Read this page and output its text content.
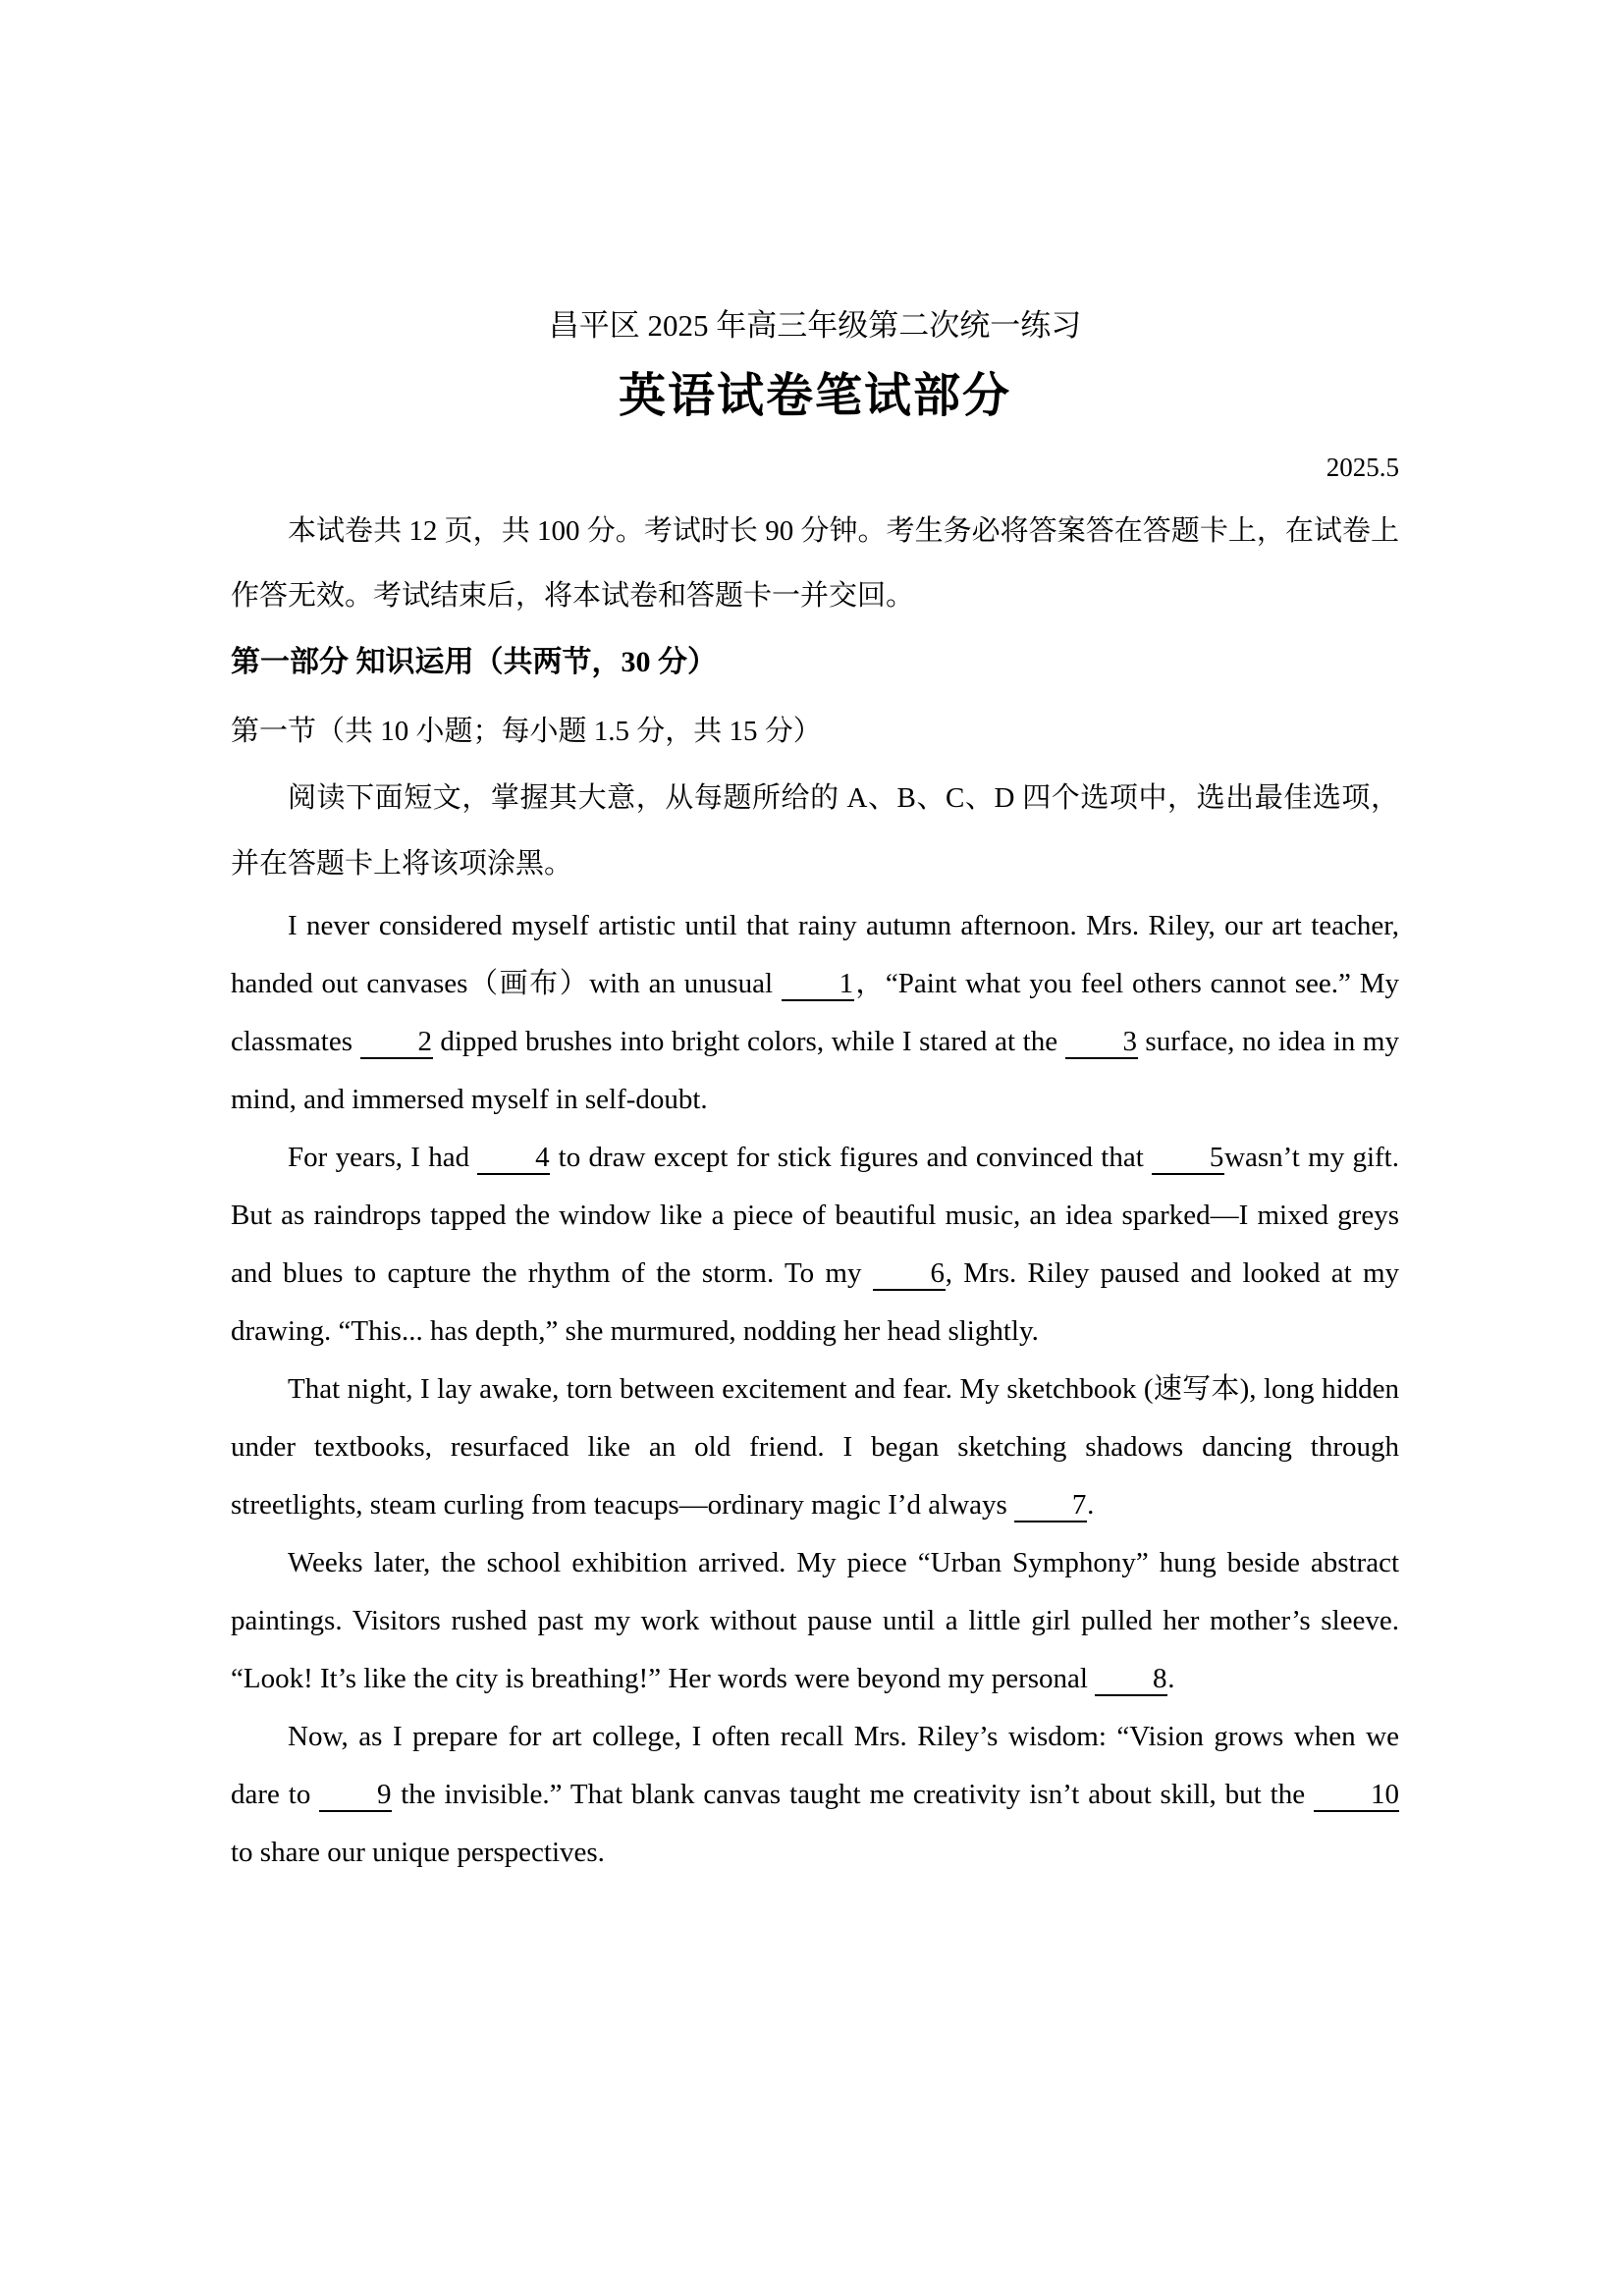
昌平区 2025 年高三年级第二次统一练习
英语试卷笔试部分
2025.5

本试卷共 12 页，共 100 分。考试时长 90 分钟。考生务必将答案答在答题卡上，在试卷上作答无效。考试结束后，将本试卷和答题卡一并交回。

第一部分 知识运用（共两节，30 分）

第一节（共 10 小题；每小题 1.5 分，共 15 分）

阅读下面短文，掌握其大意，从每题所给的 A、B、C、D 四个选项中，选出最佳选项，并在答题卡上将该项涂黑。

I never considered myself artistic until that rainy autumn afternoon. Mrs. Riley, our art teacher, handed out canvases（画布）with an unusual 1，“Paint what you feel others cannot see.” My classmates 2 dipped brushes into bright colors, while I stared at the 3 surface, no idea in my mind, and immersed myself in self-doubt.

For years, I had 4 to draw except for stick figures and convinced that 5wasn’t my gift. But as raindrops tapped the window like a piece of beautiful music, an idea sparked—I mixed greys and blues to capture the rhythm of the storm. To my 6, Mrs. Riley paused and looked at my drawing. “This... has depth,” she murmured, nodding her head slightly.

That night, I lay awake, torn between excitement and fear. My sketchbook (速写本), long hidden under textbooks, resurfaced like an old friend. I began sketching shadows dancing through streetlights, steam curling from teacups—ordinary magic I’d always 7.

Weeks later, the school exhibition arrived. My piece “Urban Symphony” hung beside abstract paintings. Visitors rushed past my work without pause until a little girl pulled her mother’s sleeve. “Look! It’s like the city is breathing!” Her words were beyond my personal 8.

Now, as I prepare for art college, I often recall Mrs. Riley’s wisdom: “Vision grows when we dare to 9 the invisible.” That blank canvas taught me creativity isn’t about skill, but the 10 to share our unique perspectives.
